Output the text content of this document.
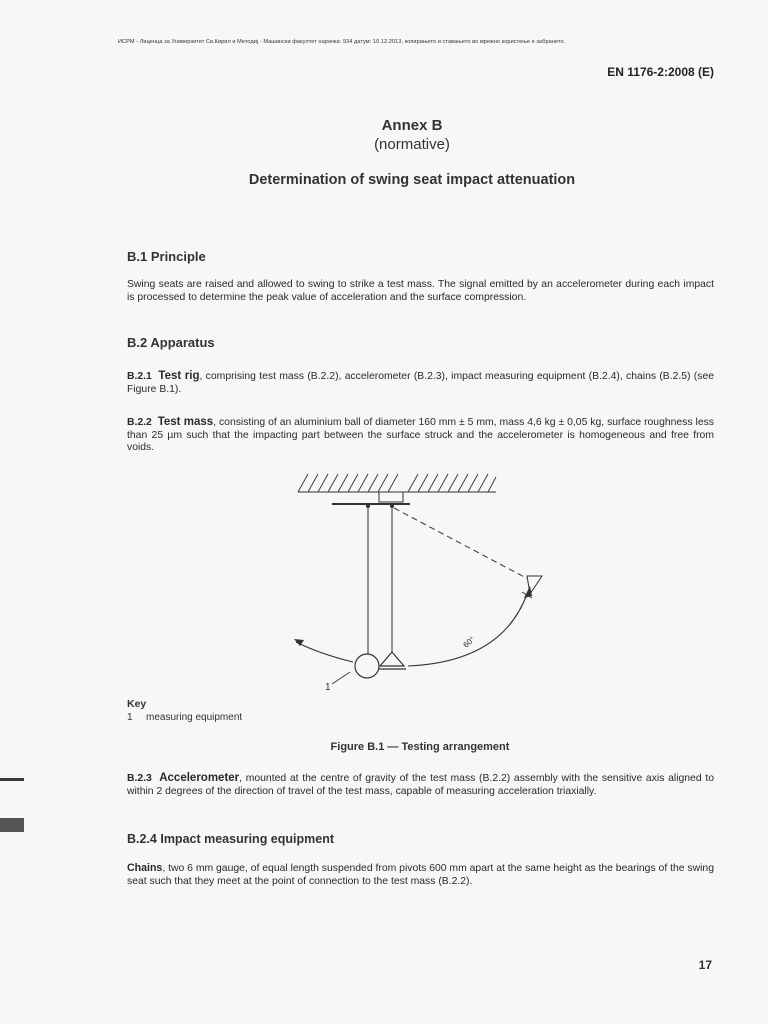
ИСРМ - Лиценца за Универзитет Св.Кирил и Методиј - Машински факултет нарачка: 934 датум: 10.12.2013, копирањето и ставањето во мрежно користење е забрането.
EN 1176-2:2008 (E)
Annex B
(normative)
Determination of swing seat impact attenuation
B.1 Principle
Swing seats are raised and allowed to swing to strike a test mass. The signal emitted by an accelerometer during each impact is processed to determine the peak value of acceleration and the surface compression.
B.2 Apparatus
B.2.1 Test rig, comprising test mass (B.2.2), accelerometer (B.2.3), impact measuring equipment (B.2.4), chains (B.2.5) (see Figure B.1).
B.2.2 Test mass, consisting of an aluminium ball of diameter 160 mm ± 5 mm, mass 4,6 kg ± 0,05 kg, surface roughness less than 25 µm such that the impacting part between the surface struck and the accelerometer is homogeneous and free from voids.
60°
1
Key
1 measuring equipment
Figure B.1 — Testing arrangement
B.2.3 Accelerometer, mounted at the centre of gravity of the test mass (B.2.2) assembly with the sensitive axis aligned to within 2 degrees of the direction of travel of the test mass, capable of measuring acceleration triaxially.
B.2.4 Impact measuring equipment
Chains, two 6 mm gauge, of equal length suspended from pivots 600 mm apart at the same height as the bearings of the swing seat such that they meet at the point of connection to the test mass (B.2.2).
17
